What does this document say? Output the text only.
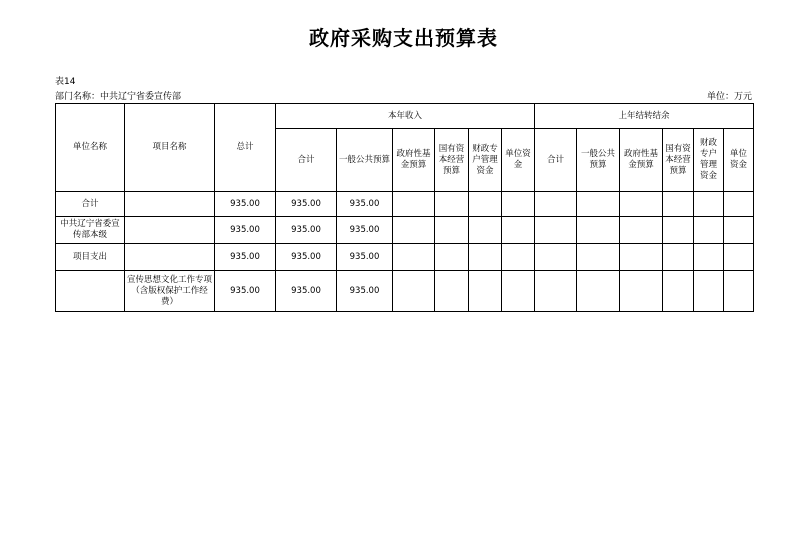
政府采购支出预算表
表14
部门名称：中共辽宁省委宣传部	单位：万元
单位名称	项目名称	总计	本年收入						上年结转结余					
			合计	一般公共预算	政府性基金预算	国有资本经营预算	财政专户管理资金	单位资金	合计	一般公共预算	政府性基金预算	国有资本经营预算	财政专户管理资金	单位资金
合计		935.00	935.00	935.00										
中共辽宁省委宣传部本级		935.00	935.00	935.00										
项目支出		935.00	935.00	935.00										
	宣传思想文化工作专项（含版权保护工作经费）	935.00	935.00	935.00										
